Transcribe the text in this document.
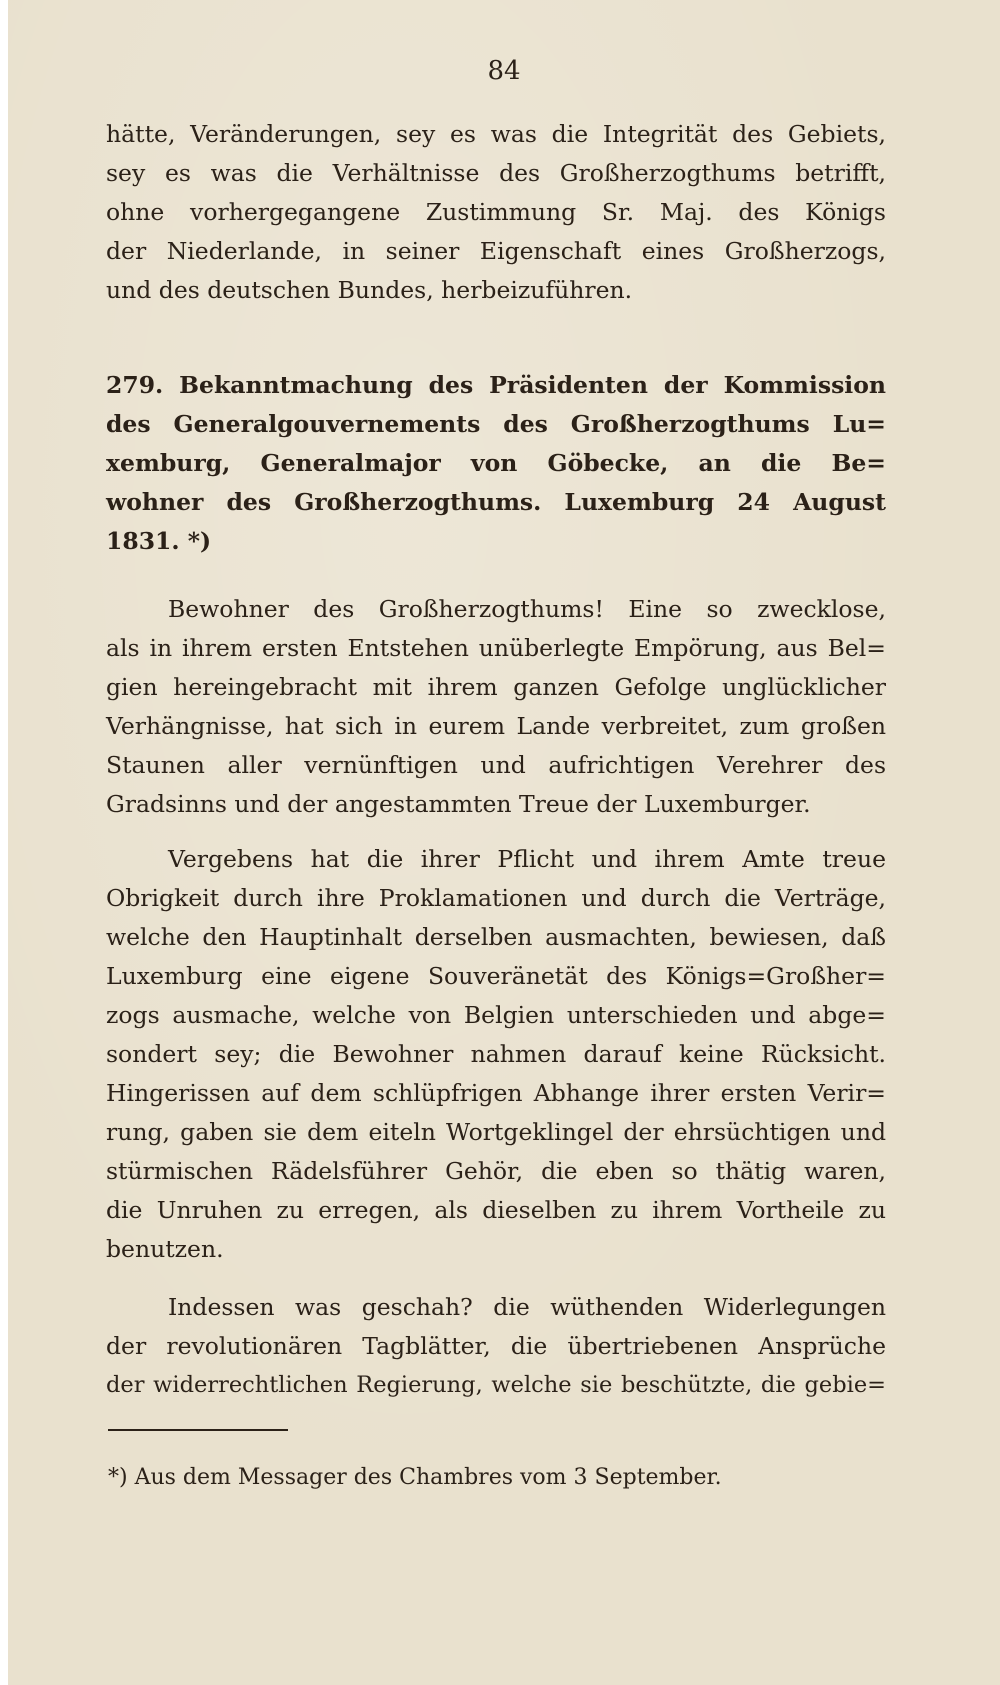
84
hätte, Veränderungen, sey es was die Integrität des Gebiets,
sey es was die Verhältnisse des Großherzogthums betrifft,
ohne vorhergegangene Zustimmung Sr. Maj. des Königs
der Niederlande, in seiner Eigenschaft eines Großherzogs,
und des deutschen Bundes, herbeizuführen.
279. Bekanntmachung des Präsidenten der Kommission
des Generalgouvernements des Großherzogthums Lu=
xemburg, Generalmajor von Göbecke, an die Be=
wohner des Großherzogthums. Luxemburg 24 August
1831. *)
Bewohner des Großherzogthums! Eine so zwecklose,
als in ihrem ersten Entstehen unüberlegte Empörung, aus Bel=
gien hereingebracht mit ihrem ganzen Gefolge unglücklicher
Verhängnisse, hat sich in eurem Lande verbreitet, zum großen
Staunen aller vernünftigen und aufrichtigen Verehrer des
Gradsinns und der angestammten Treue der Luxemburger.
Vergebens hat die ihrer Pflicht und ihrem Amte treue
Obrigkeit durch ihre Proklamationen und durch die Verträge,
welche den Hauptinhalt derselben ausmachten, bewiesen, daß
Luxemburg eine eigene Souveränetät des Königs=Großher=
zogs ausmache, welche von Belgien unterschieden und abge=
sondert sey; die Bewohner nahmen darauf keine Rücksicht.
Hingerissen auf dem schlüpfrigen Abhange ihrer ersten Verir=
rung, gaben sie dem eiteln Wortgeklingel der ehrsüchtigen und
stürmischen Rädelsführer Gehör, die eben so thätig waren,
die Unruhen zu erregen, als dieselben zu ihrem Vortheile zu
benutzen.
Indessen was geschah? die wüthenden Widerlegungen
der revolutionären Tagblätter, die übertriebenen Ansprüche
der widerrechtlichen Regierung, welche sie beschützte, die gebie=
*) Aus dem Messager des Chambres vom 3 September.
